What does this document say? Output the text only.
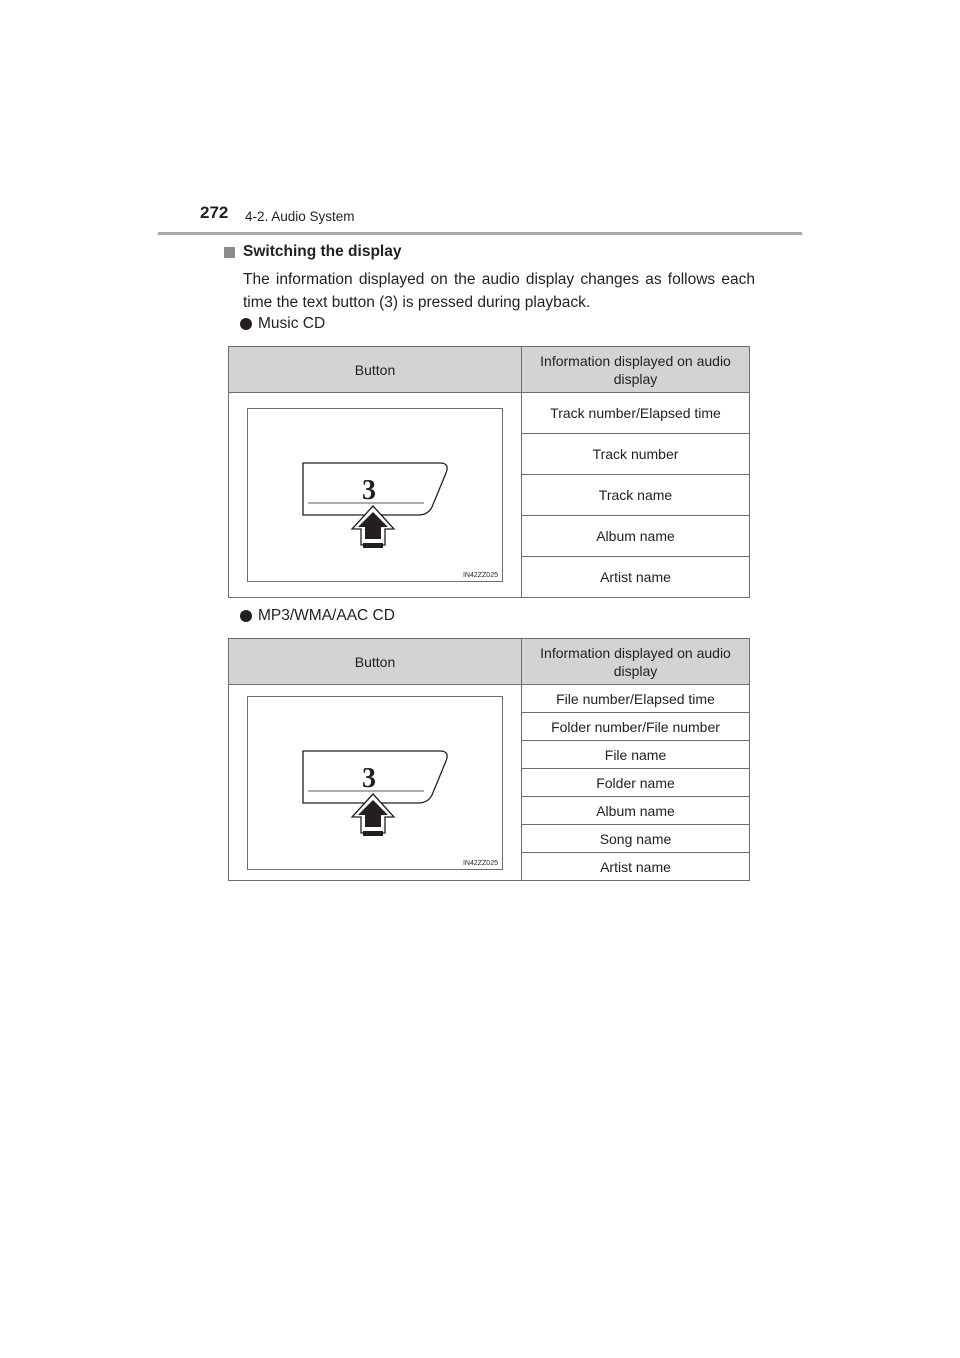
272 4-2. Audio System
Switching the display
The information displayed on the audio display changes as follows each time the text button (3) is pressed during playback.
Music CD
Button	Information displayed on audio display

3
IN42ZZ025	Track number/Elapsed time
	Track number
	Track name
	Album name
	Artist name
MP3/WMA/AAC CD
Button	Information displayed on audio display

3
IN42ZZ025	File number/Elapsed time
	Folder number/File number
	File name
	Folder name
	Album name
	Song name
	Artist name
